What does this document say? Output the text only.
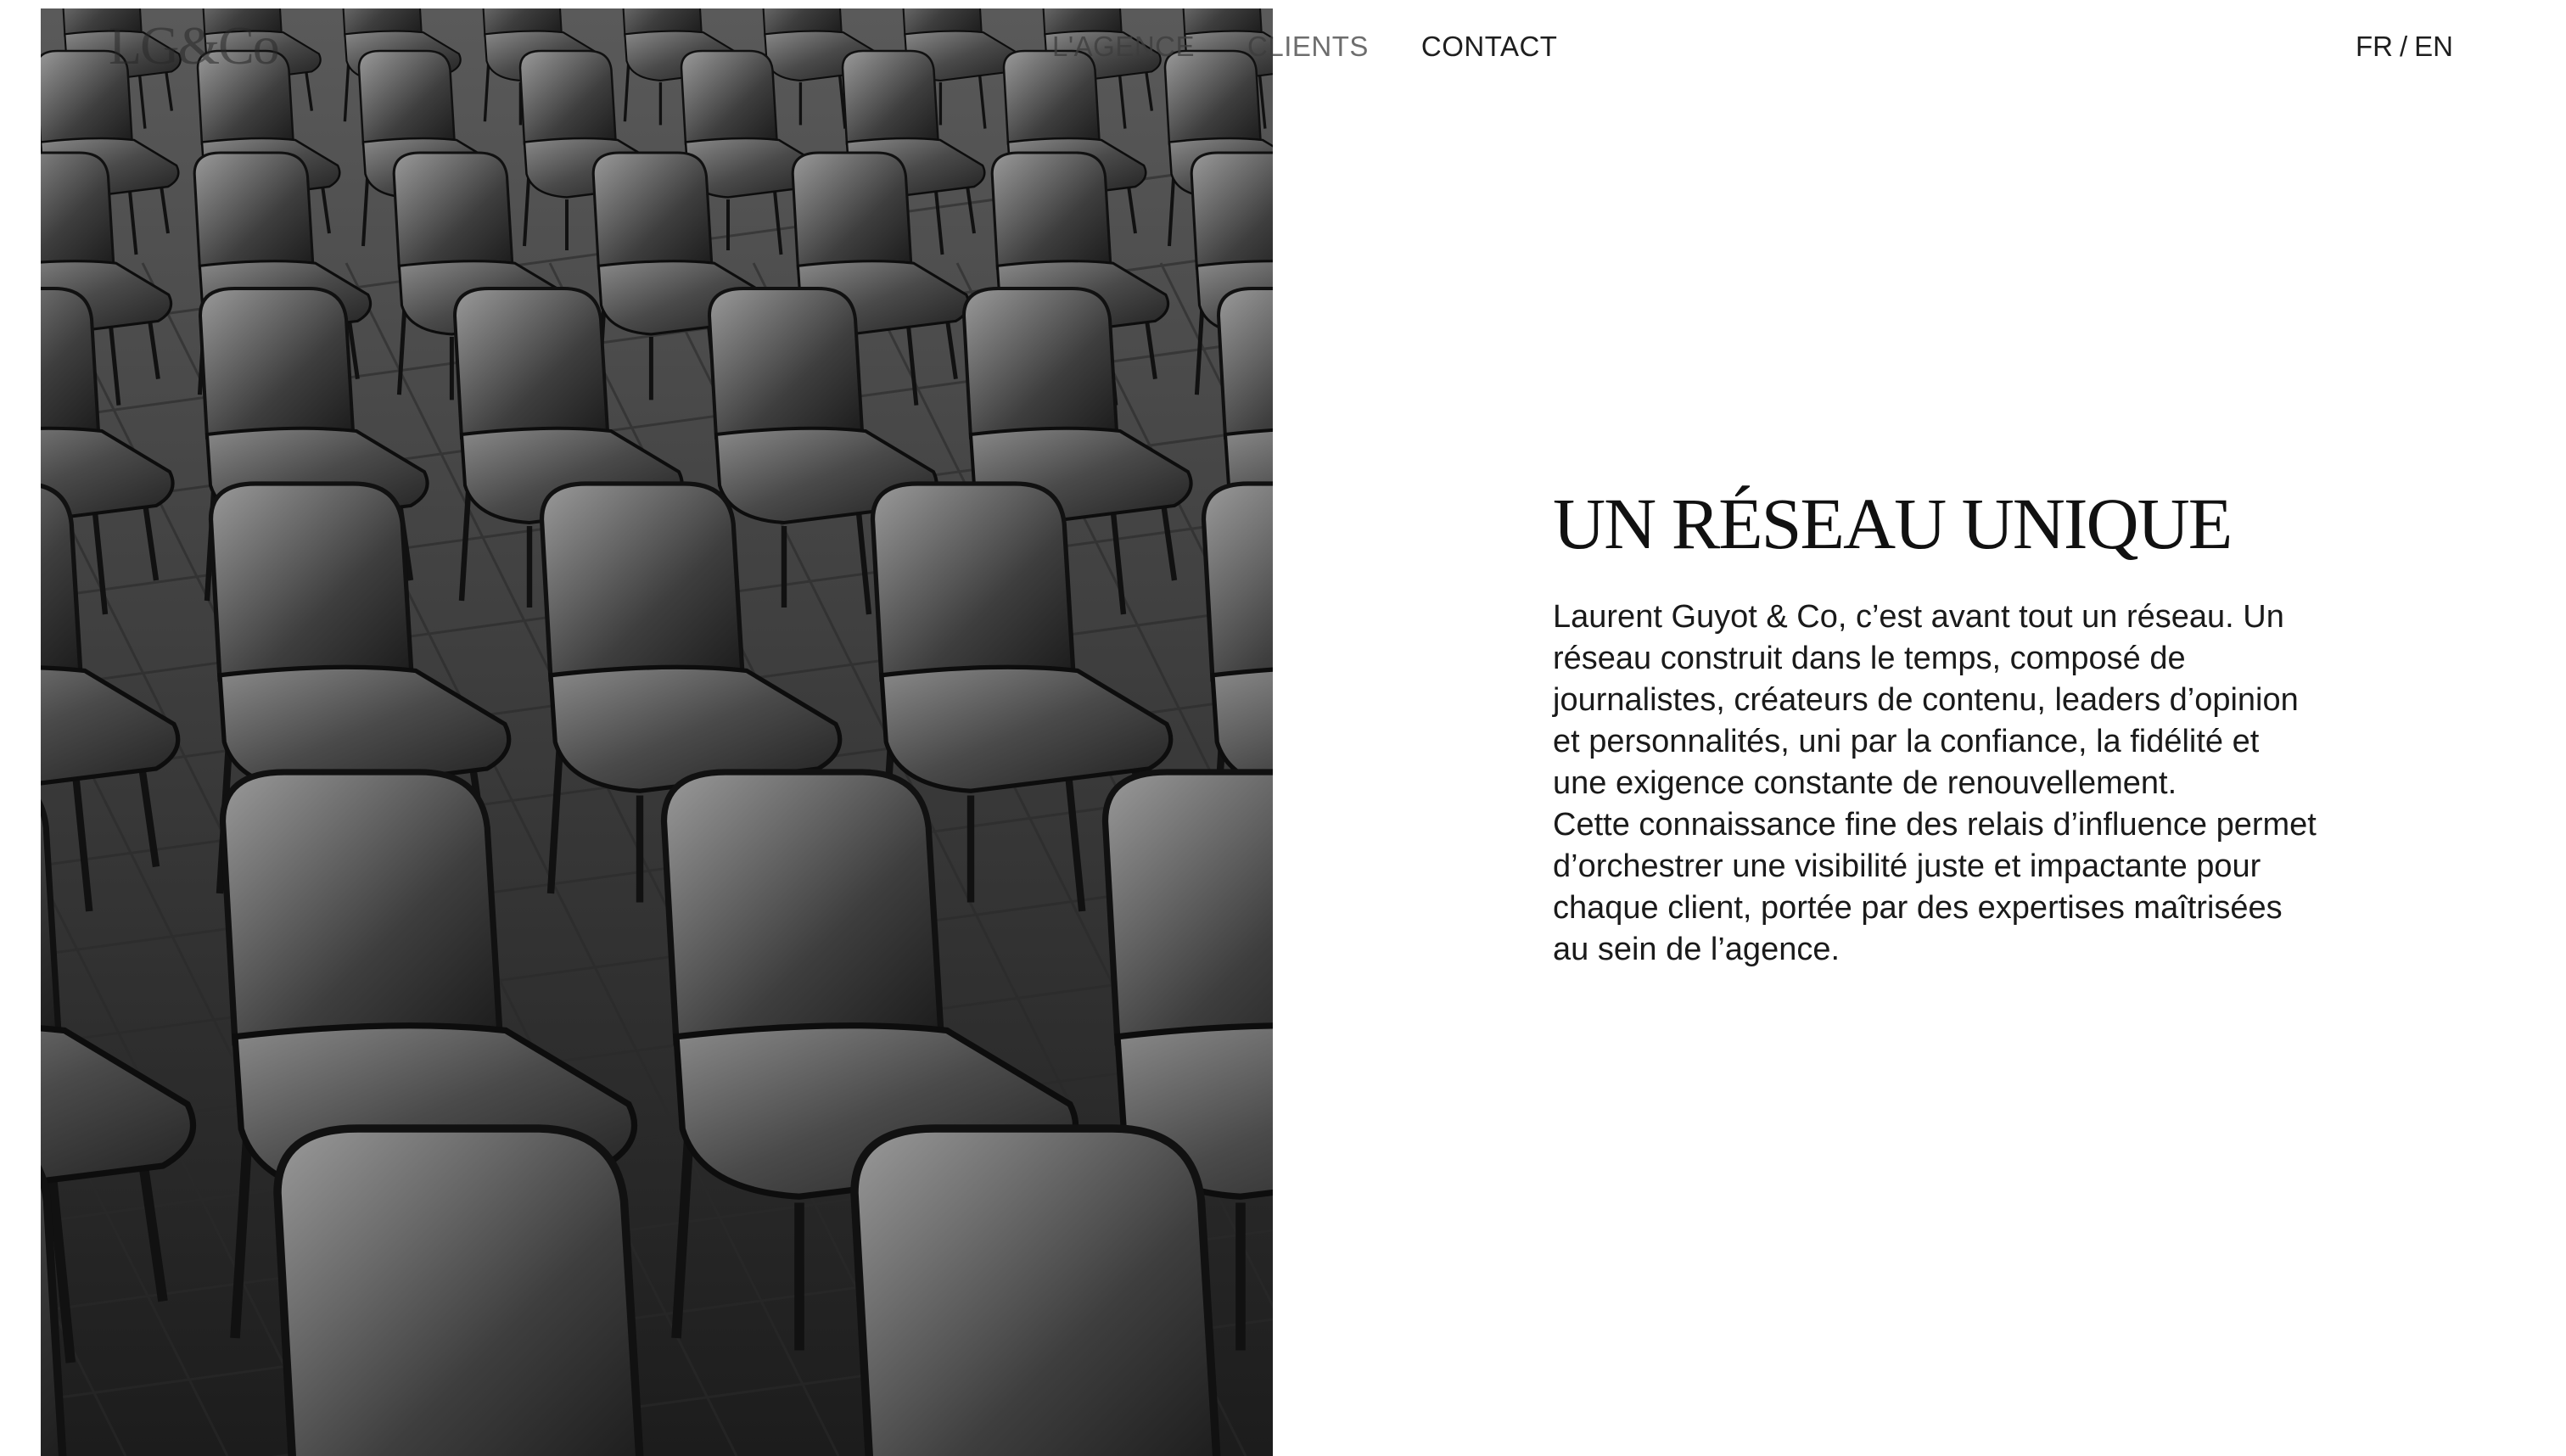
LG&Co	L'AGENCE CLIENTS CONTACT	FR / EN
UN RÉSEAU UNIQUE

Laurent Guyot & Co, c’est avant tout un réseau. Un réseau construit dans le temps, composé de journalistes, créateurs de contenu, leaders d’opinion et personnalités, uni par la confiance, la fidélité et une exigence constante de renouvellement.

Cette connaissance fine des relais d’influence permet d’orchestrer une visibilité juste et impactante pour chaque client, portée par des expertises maîtrisées au sein de l’agence.
